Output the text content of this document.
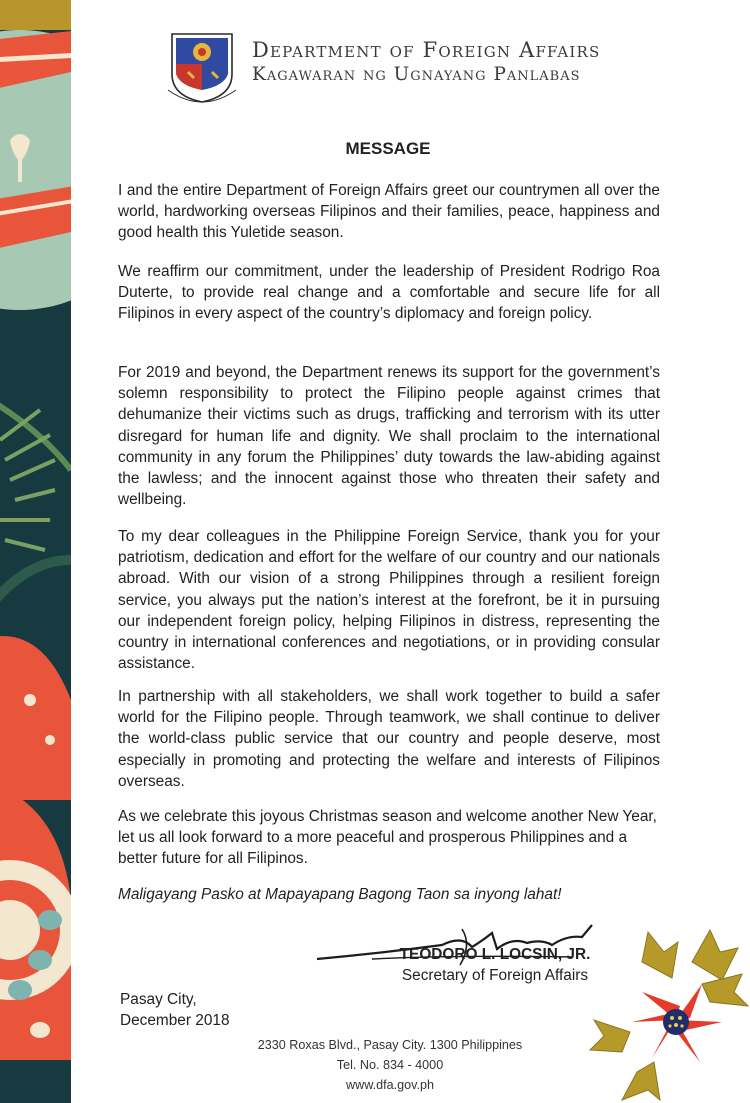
Department of Foreign Affairs
Kagawaran ng Ugnayang Panlabas
MESSAGE

I and the entire Department of Foreign Affairs greet our countrymen all over the world, hardworking overseas Filipinos and their families, peace, happiness and good health this Yuletide season.

We reaffirm our commitment, under the leadership of President Rodrigo Roa Duterte, to provide real change and a comfortable and secure life for all Filipinos in every aspect of the country’s diplomacy and foreign policy.

For 2019 and beyond, the Department renews its support for the government’s solemn responsibility to protect the Filipino people against crimes that dehumanize their victims such as drugs, trafficking and terrorism with its utter disregard for human life and dignity. We shall proclaim to the international community in any forum the Philippines’ duty towards the law-abiding against the lawless; and the innocent against those who threaten their safety and wellbeing.

To my dear colleagues in the Philippine Foreign Service, thank you for your patriotism, dedication and effort for the welfare of our country and our nationals abroad. With our vision of a strong Philippines through a resilient foreign service, you always put the nation’s interest at the forefront, be it in pursuing our independent foreign policy, helping Filipinos in distress, representing the country in international conferences and negotiations, or in providing consular assistance.

In partnership with all stakeholders, we shall work together to build a safer world for the Filipino people. Through teamwork, we shall continue to deliver the world-class public service that our country and people deserve, most especially in promoting and protecting the welfare and interests of Filipinos overseas.

As we celebrate this joyous Christmas season and welcome another New Year, let us all look forward to a more peaceful and prosperous Philippines and a better future for all Filipinos.

Maligayang Pasko at Mapayapang Bagong Taon sa inyong lahat!
TEODORO L. LOCSIN, JR.
Secretary of Foreign Affairs
Pasay City,
December 2018
2330 Roxas Blvd., Pasay City. 1300 Philippines
Tel. No. 834 - 4000
www.dfa.gov.ph
